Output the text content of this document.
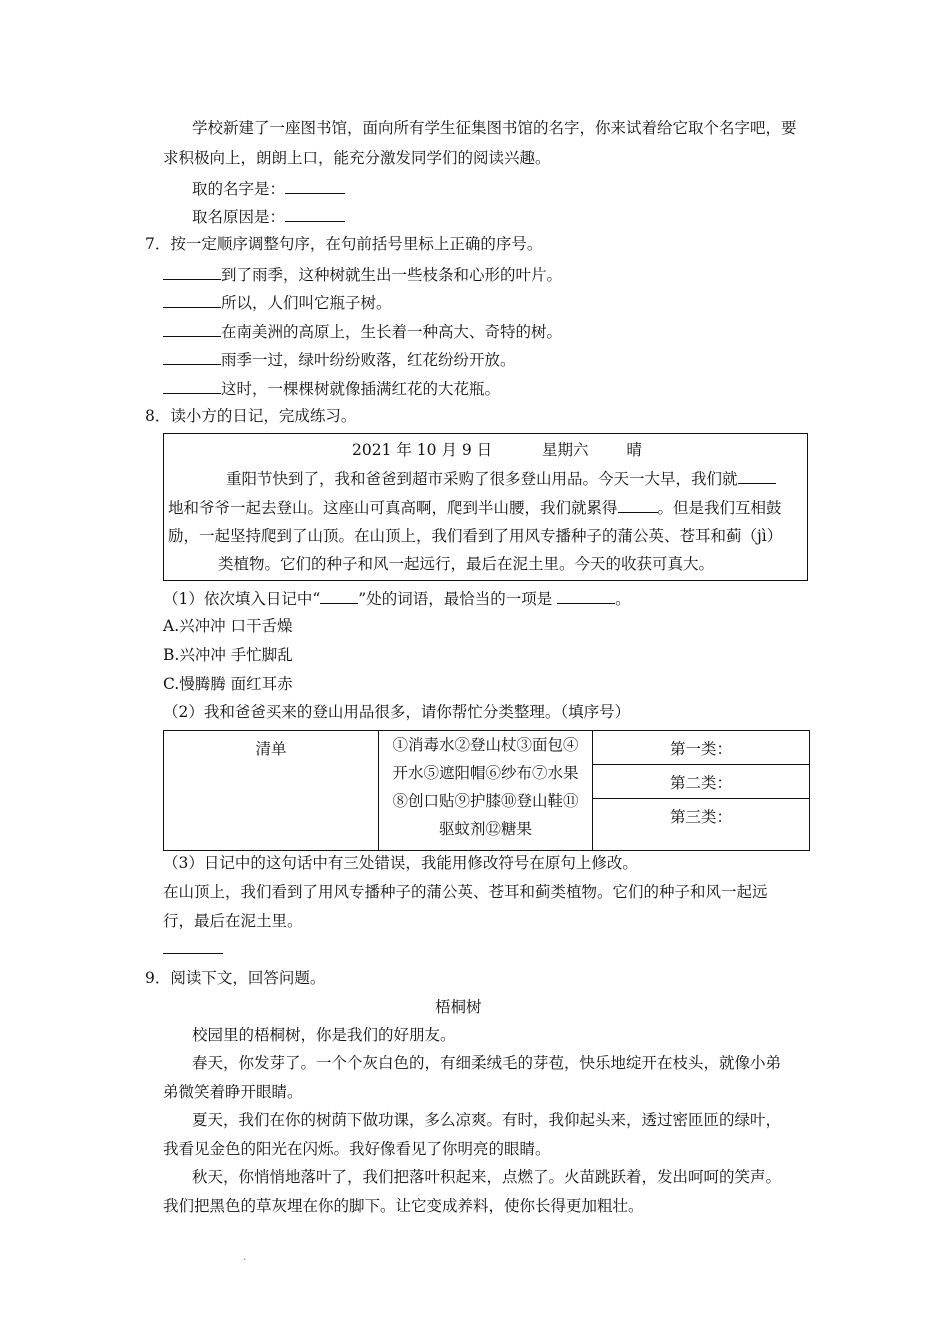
学校新建了一座图书馆，面向所有学生征集图书馆的名字，你来试着给它取个名字吧，要
求积极向上，朗朗上口，能充分激发同学们的阅读兴趣。
取的名字是：
取名原因是：
7．按一定顺序调整句序，在句前括号里标上正确的序号。
到了雨季，这种树就生出一些枝条和心形的叶片。
所以，人们叫它瓶子树。
在南美洲的高原上，生长着一种高大、奇特的树。
雨季一过，绿叶纷纷败落，红花纷纷开放。
这时，一棵棵树就像插满红花的大花瓶。
8．读小方的日记，完成练习。
2021 年 10 月 9 日	星期六 晴
重阳节快到了，我和爸爸到超市采购了很多登山用品。今天一大早，我们就
地和爷爷一起去登山。这座山可真高啊，爬到半山腰，我们就累得	。但是我们互相鼓
励，一起坚持爬到了山顶。在山顶上，我们看到了用风专播种子的蒲公英、苍耳和蓟（jì）
类植物。它们的种子和风一起远行，最后在泥土里。今天的收获可真大。
（1）依次填入日记中“ ”处的词语，最恰当的一项是	。
A.兴冲冲 口干舌燥
B.兴冲冲 手忙脚乱
C.慢腾腾 面红耳赤
（2）我和爸爸买来的登山用品很多，请你帮忙分类整理。（填序号）
清单	①消毒水②登山杖③面包④
开水⑤遮阳帽⑥纱布⑦水果
⑧创口贴⑨护膝⑩登山鞋⑪
驱蚊剂⑫糖果
	第一类：
第二类：
第三类：
（3）日记中的这句话中有三处错误，我能用修改符号在原句上修改。
在山顶上，我们看到了用风专播种子的蒲公英、苍耳和蓟类植物。它们的种子和风一起远
行，最后在泥土里。
9．阅读下文，回答问题。
梧桐树
校园里的梧桐树，你是我们的好朋友。
春天，你发芽了。一个个灰白色的，有细柔绒毛的芽苞，快乐地绽开在枝头，就像小弟
弟微笑着睁开眼睛。
夏天，我们在你的树荫下做功课，多么凉爽。有时，我仰起头来，透过密匝匝的绿叶，
我看见金色的阳光在闪烁。我好像看见了你明亮的眼睛。
秋天，你悄悄地落叶了，我们把落叶积起来，点燃了。火苗跳跃着，发出呵呵的笑声。
我们把黑色的草灰埋在你的脚下。让它变成养料，使你长得更加粗壮。
.
